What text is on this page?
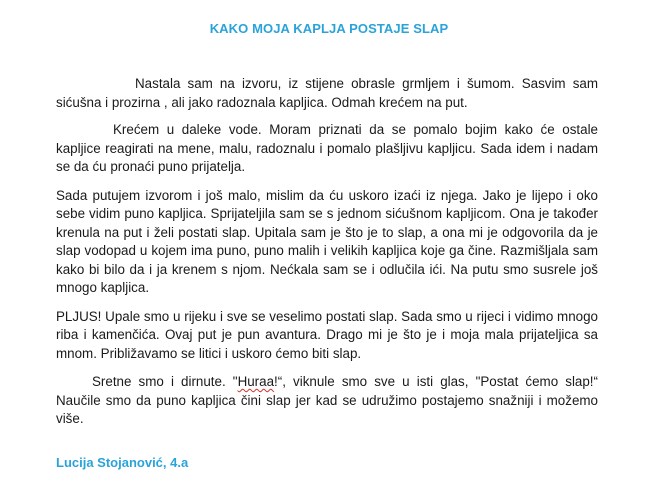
KAKO MOJA KAPLJA POSTAJE SLAP

Nastala sam na izvoru, iz stijene obrasle grmljem i šumom. Sasvim sam sićušna i prozirna , ali jako radoznala kapljica. Odmah krećem na put.

Krećem u daleke vode. Moram priznati da se pomalo bojim kako će ostale kapljice reagirati na mene, malu, radoznalu i pomalo plašljivu kapljicu. Sada idem i nadam se da ću pronaći puno prijatelja.

Sada putujem izvorom i još malo, mislim da ću uskoro izaći iz njega. Jako je lijepo i oko sebe vidim puno kapljica. Sprijateljila sam se s jednom sićušnom kapljicom. Ona je također krenula na put i želi postati slap. Upitala sam je što je to slap, a ona mi je odgovorila da je slap vodopad u kojem ima puno, puno malih i velikih kapljica koje ga čine. Razmišljala sam kako bi bilo da i ja krenem s njom. Nećkala sam se i odlučila ići. Na putu smo susrele još mnogo kapljica.

PLJUS! Upale smo u rijeku i sve se veselimo postati slap. Sada smo u rijeci i vidimo mnogo riba i kamenčića. Ovaj put je pun avantura. Drago mi je što je i moja mala prijateljica sa mnom. Približavamo se litici i uskoro ćemo biti slap.

Sretne smo i dirnute. "Huraa!“, viknule smo sve u isti glas, "Postat ćemo slap!“ Naučile smo da puno kapljica čini slap jer kad se udružimo postajemo snažniji i možemo više.

Lucija Stojanović, 4.a
